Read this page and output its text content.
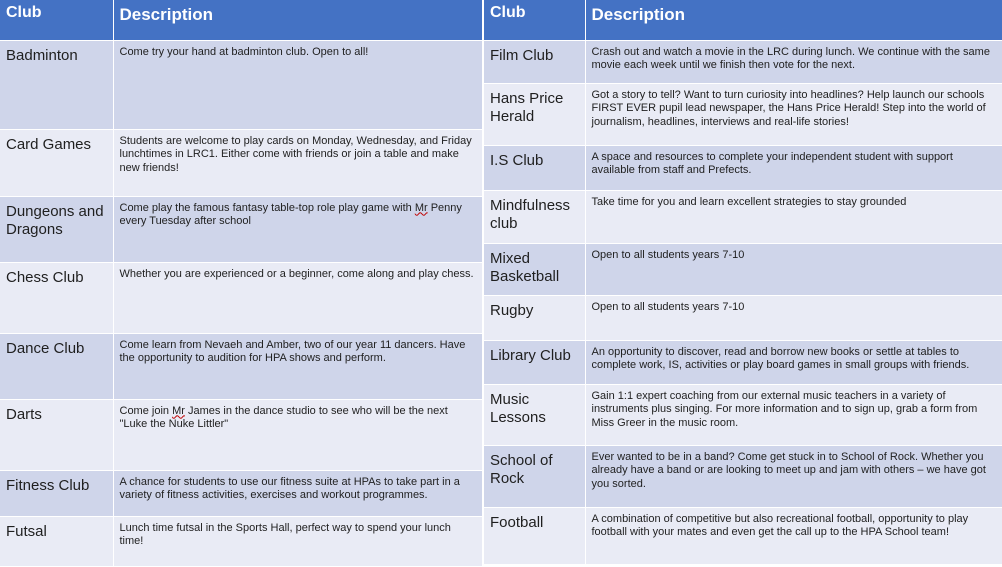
Club	Description
Badminton	Come try your hand at badminton club. Open to all!
Card Games	Students are welcome to play cards on Monday, Wednesday, and Friday lunchtimes in LRC1. Either come with friends or join a table and make new friends!
Dungeons and Dragons	Come play the famous fantasy table-top role play game with Mr Penny every Tuesday after school
Chess Club	Whether you are experienced or a beginner, come along and play chess.
Dance Club	Come learn from Nevaeh and Amber, two of our year 11 dancers. Have the opportunity to audition for HPA shows and perform.
Darts	Come join Mr James in the dance studio to see who will be the next "Luke the Nuke Littler"
Fitness Club	A chance for students to use our fitness suite at HPAs to take part in a variety of fitness activities, exercises and workout programmes.
Futsal	Lunch time futsal in the Sports Hall, perfect way to spend your lunch time!
Club	Description
Film Club	Crash out and watch a movie in the LRC during lunch. We continue with the same movie each week until we finish then vote for the next.
Hans Price Herald	Got a story to tell? Want to turn curiosity into headlines? Help launch our schools FIRST EVER pupil lead newspaper, the Hans Price Herald! Step into the world of journalism, headlines, interviews and real-life stories!
I.S Club	A space and resources to complete your independent student with support available from staff and Prefects.
Mindfulness club	Take time for you and learn excellent strategies to stay grounded
Mixed Basketball	Open to all students years 7-10
Rugby	Open to all students years 7-10
Library Club	An opportunity to discover, read and borrow new books or settle at tables to complete work, IS, activities or play board games in small groups with friends.
Music Lessons	Gain 1:1 expert coaching from our external music teachers in a variety of instruments plus singing. For more information and to sign up, grab a form from Miss Greer in the music room.
School of Rock	Ever wanted to be in a band? Come get stuck in to School of Rock. Whether you already have a band or are looking to meet up and jam with others – we have got you sorted.
Football	A combination of competitive but also recreational football, opportunity to play football with your mates and even get the call up to the HPA School team!
